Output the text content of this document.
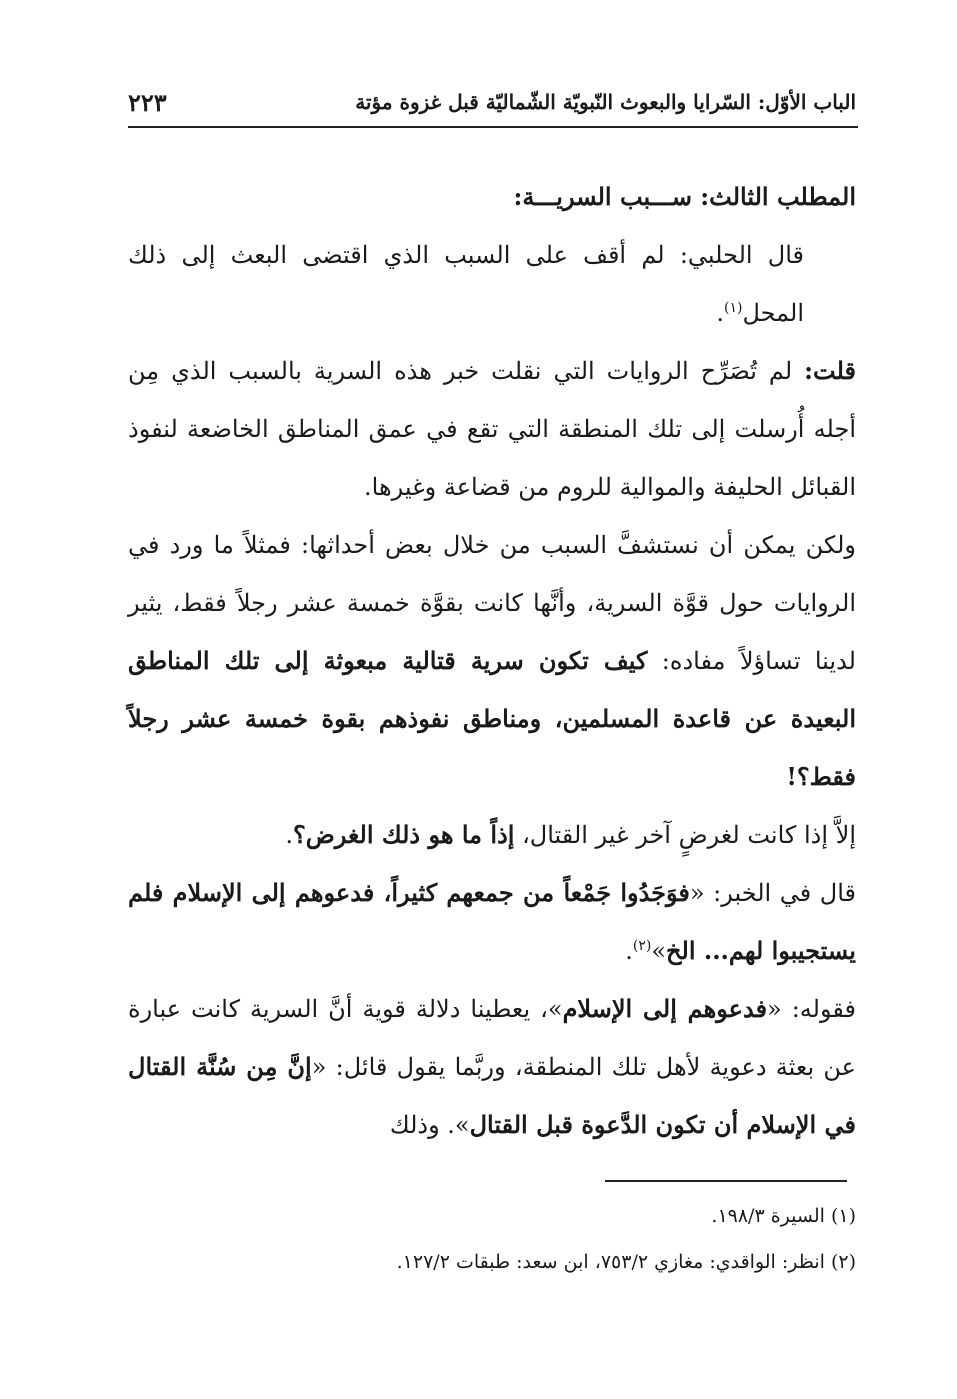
الباب الأوّل: السّرايا والبعوث النّبويّة الشّماليّة قبل غزوة مؤتة
٢٢٣

المطلب الثالث: ســـبب السريـــة:

قال الحلبي: لم أقف على السبب الذي اقتضى البعث إلى ذلك المحل$^{(١)}$.

قلت: لم تُصَرِّح الروايات التي نقلت خبر هذه السرية بالسبب الذي مِن أجله أُرسلت إلى تلك المنطقة التي تقع في عمق المناطق الخاضعة لنفوذ القبائل الحليفة والموالية للروم من قضاعة وغيرها.

ولكن يمكن أن نستشفَّ السبب من خلال بعض أحداثها: فمثلاً ما ورد في الروايات حول قوَّة السرية، وأنَّها كانت بقوَّة خمسة عشر رجلاً فقط، يثير لدينا تساؤلاً مفاده: كيف تكون سرية قتالية مبعوثة إلى تلك المناطق البعيدة عن قاعدة المسلمين، ومناطق نفوذهم بقوة خمسة عشر رجلاً فقط؟!

إلاَّ إذا كانت لغرضٍ آخر غير القتال، إذاً ما هو ذلك الغرض؟.

قال في الخبر: «فوَجَدُوا جَمْعاً من جمعهم كثيراً، فدعوهم إلى الإسلام فلم يستجيبوا لهم... الخ»$^{(٢)}$.

فقوله: «فدعوهم إلى الإسلام»، يعطينا دلالة قوية أنَّ السرية كانت عبارة عن بعثة دعوية لأهل تلك المنطقة، وربَّما يقول قائل: «إنَّ مِن سُنَّة القتال في الإسلام أن تكون الدَّعوة قبل القتال». وذلك

(١) السيرة ١٩٨/٣.

(٢) انظر: الواقدي: مغازي ٧٥٣/٢، ابن سعد: طبقات ١٢٧/٢.
